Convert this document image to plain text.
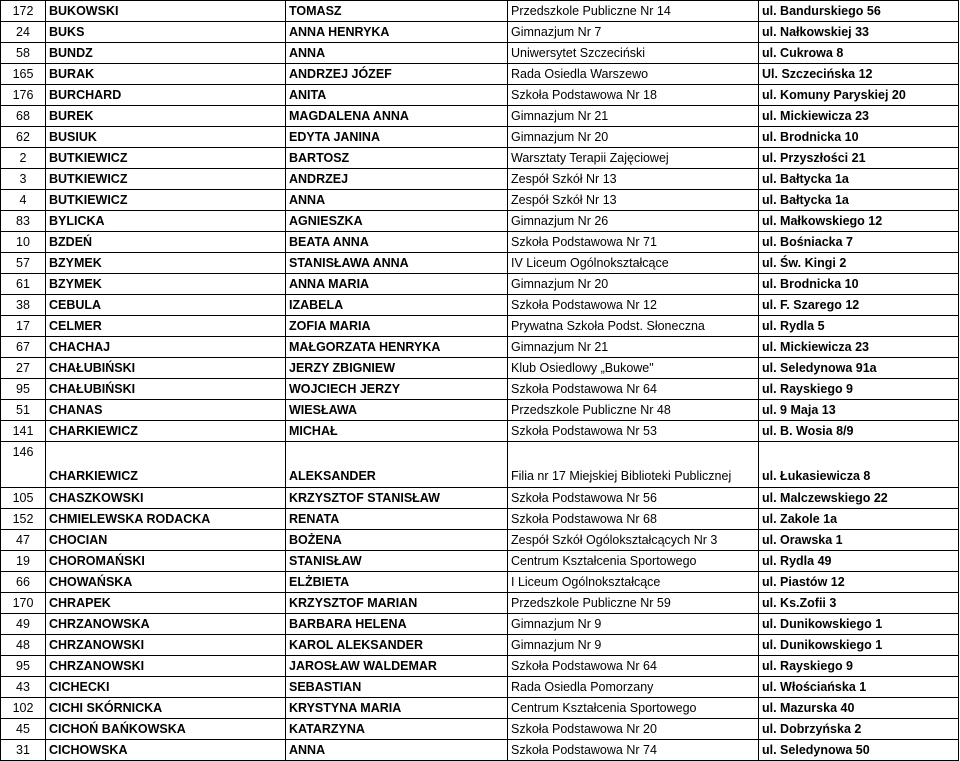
172	BUKOWSKI	TOMASZ	Przedszkole Publiczne Nr 14	ul. Bandurskiego 56
24	BUKS	ANNA HENRYKA	Gimnazjum Nr 7	ul. Nałkowskiej 33
58	BUNDZ	ANNA	Uniwersytet Szczeciński	ul. Cukrowa 8
165	BURAK	ANDRZEJ JÓZEF	Rada Osiedla Warszewo	Ul. Szczecińska 12
176	BURCHARD	ANITA	Szkoła Podstawowa Nr 18	ul. Komuny Paryskiej 20
68	BUREK	MAGDALENA ANNA	Gimnazjum Nr 21	ul. Mickiewicza 23
62	BUSIUK	EDYTA JANINA	Gimnazjum Nr 20	ul. Brodnicka 10
2	BUTKIEWICZ	BARTOSZ	Warsztaty Terapii Zajęciowej	ul. Przyszłości 21
3	BUTKIEWICZ	ANDRZEJ	Zespół Szkół Nr 13	ul. Bałtycka 1a
4	BUTKIEWICZ	ANNA	Zespół Szkół Nr 13	ul. Bałtycka 1a
83	BYLICKA	AGNIESZKA	Gimnazjum Nr 26	ul. Małkowskiego 12
10	BZDEŃ	BEATA ANNA	Szkoła Podstawowa Nr 71	ul. Bośniacka 7
57	BZYMEK	STANISŁAWA ANNA	IV Liceum Ogólnokształcące	ul. Św. Kingi 2
61	BZYMEK	ANNA MARIA	Gimnazjum Nr 20	ul. Brodnicka 10
38	CEBULA	IZABELA	Szkoła Podstawowa Nr 12	ul. F. Szarego 12
17	CELMER	ZOFIA MARIA	Prywatna Szkoła Podst. Słoneczna	ul. Rydla 5
67	CHACHAJ	MAŁGORZATA HENRYKA	Gimnazjum Nr 21	ul. Mickiewicza 23
27	CHAŁUBIŃSKI	JERZY ZBIGNIEW	Klub Osiedlowy „Bukowe"	ul. Seledynowa 91a
95	CHAŁUBIŃSKI	WOJCIECH JERZY	Szkoła Podstawowa Nr 64	ul. Rayskiego 9
51	CHANAS	WIESŁAWA	Przedszkole Publiczne Nr 48	ul. 9 Maja 13
141	CHARKIEWICZ	MICHAŁ	Szkoła Podstawowa Nr 53	ul. B. Wosia 8/9
146	CHARKIEWICZ	ALEKSANDER	Filia nr 17 Miejskiej Biblioteki Publicznej	ul. Łukasiewicza 8
105	CHASZKOWSKI	KRZYSZTOF STANISŁAW	Szkoła Podstawowa Nr 56	ul. Malczewskiego 22
152	CHMIELEWSKA RODACKA	RENATA	Szkoła Podstawowa Nr 68	ul. Zakole 1a
47	CHOCIAN	BOŻENA	Zespół Szkół Ogólokształcących Nr 3	ul. Orawska 1
19	CHOROMAŃSKI	STANISŁAW	Centrum Kształcenia Sportowego	ul. Rydla 49
66	CHOWAŃSKA	ELŻBIETA	I Liceum Ogólnokształcące	ul. Piastów 12
170	CHRAPEK	KRZYSZTOF MARIAN	Przedszkole Publiczne Nr 59	ul. Ks.Zofii 3
49	CHRZANOWSKA	BARBARA HELENA	Gimnazjum Nr 9	ul. Dunikowskiego 1
48	CHRZANOWSKI	KAROL ALEKSANDER	Gimnazjum Nr 9	ul. Dunikowskiego 1
95	CHRZANOWSKI	JAROSŁAW WALDEMAR	Szkoła Podstawowa Nr 64	ul. Rayskiego 9
43	CICHECKI	SEBASTIAN	Rada Osiedla Pomorzany	ul. Włościańska 1
102	CICHI SKÓRNICKA	KRYSTYNA MARIA	Centrum Kształcenia Sportowego	ul. Mazurska 40
45	CICHOŃ BAŃKOWSKA	KATARZYNA	Szkoła Podstawowa Nr 20	ul. Dobrzyńska 2
31	CICHOWSKA	ANNA	Szkoła Podstawowa Nr 74	ul. Seledynowa 50
